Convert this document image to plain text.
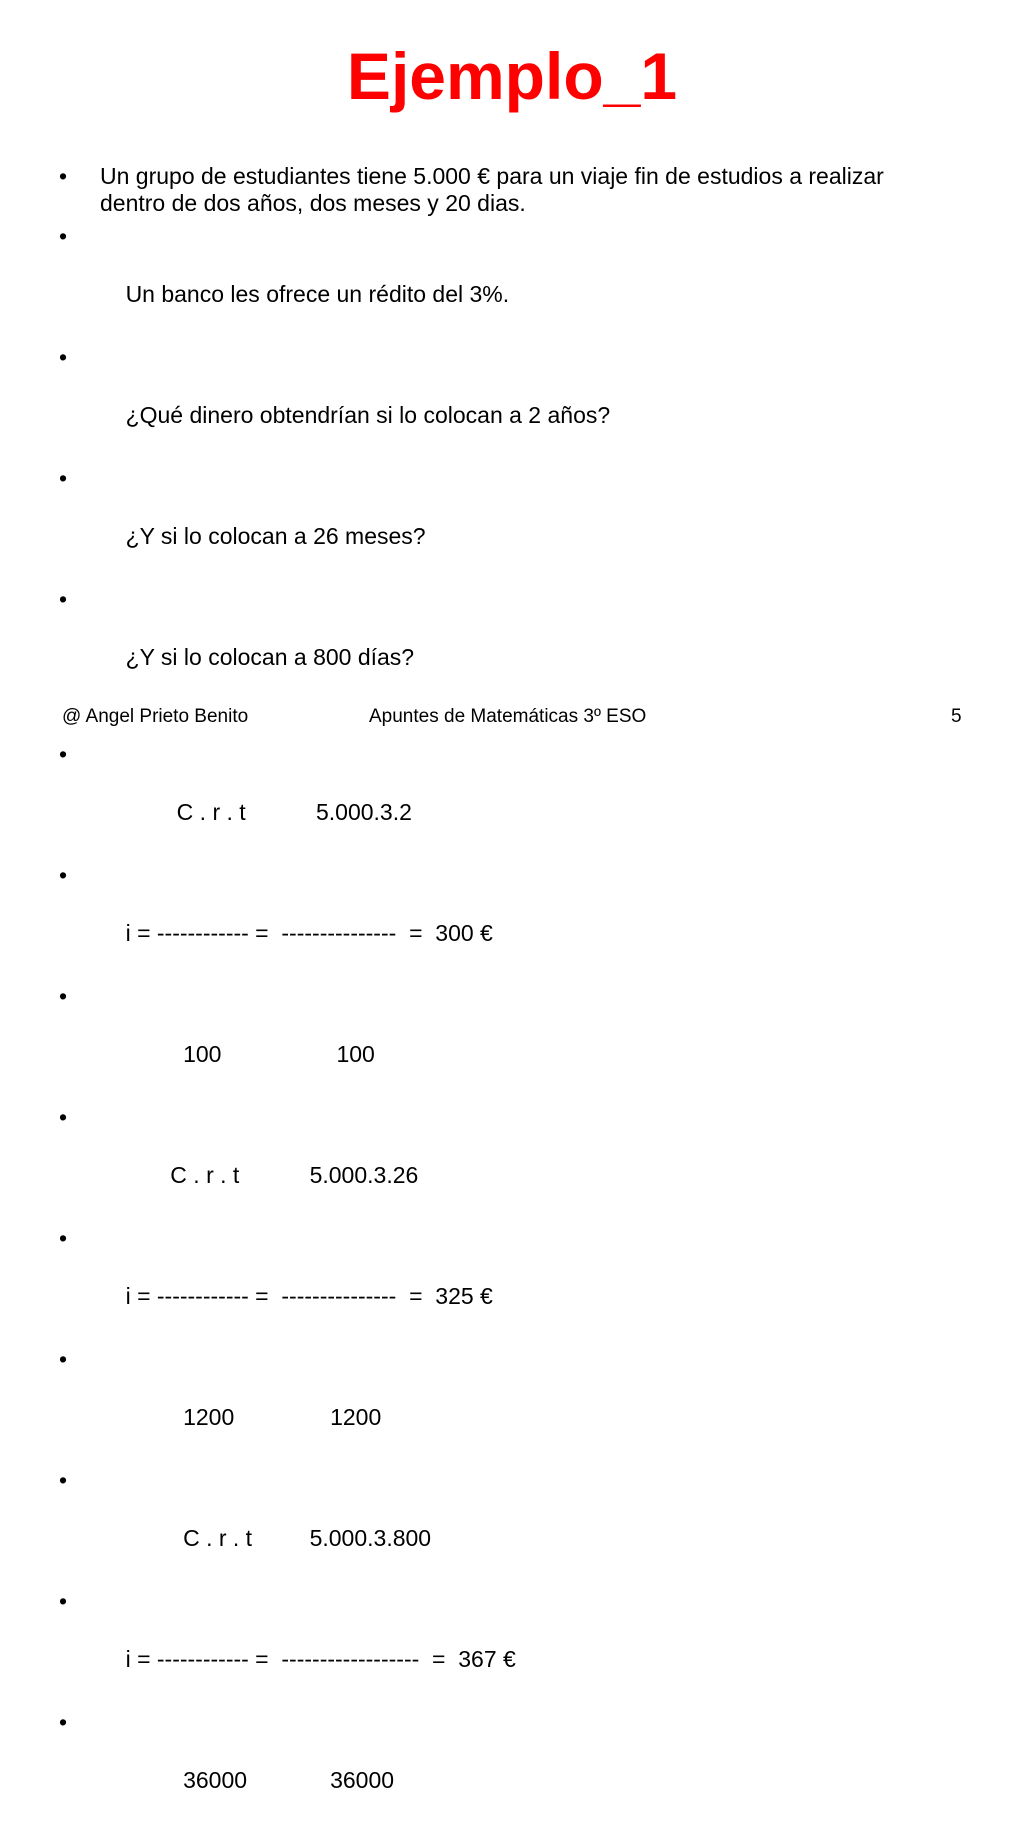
Ejemplo_1
• Un grupo de estudiantes tiene 5.000 € para un viaje fin de estudios a realizar dentro de dos años, dos meses y 20 dias.

•

Un banco les ofrece un rédito del 3%.

•

¿Qué dinero obtendrían si lo colocan a 2 años?

•

¿Y si lo colocan a 26 meses?

•

¿Y si lo colocan a 800 días?

•

C . r . t           5.000.3.2

•

i = ------------ =  ---------------  =  300 €

•

100                  100

•

C . r . t           5.000.3.26

•

i = ------------ =  ---------------  =  325 €

•

1200               1200

•

C . r . t         5.000.3.800

•

i = ------------ =  ------------------  =  367 €

•

36000             36000

@ Angel Prieto Benito	Apuntes de Matemáticas 3º ESO	5
